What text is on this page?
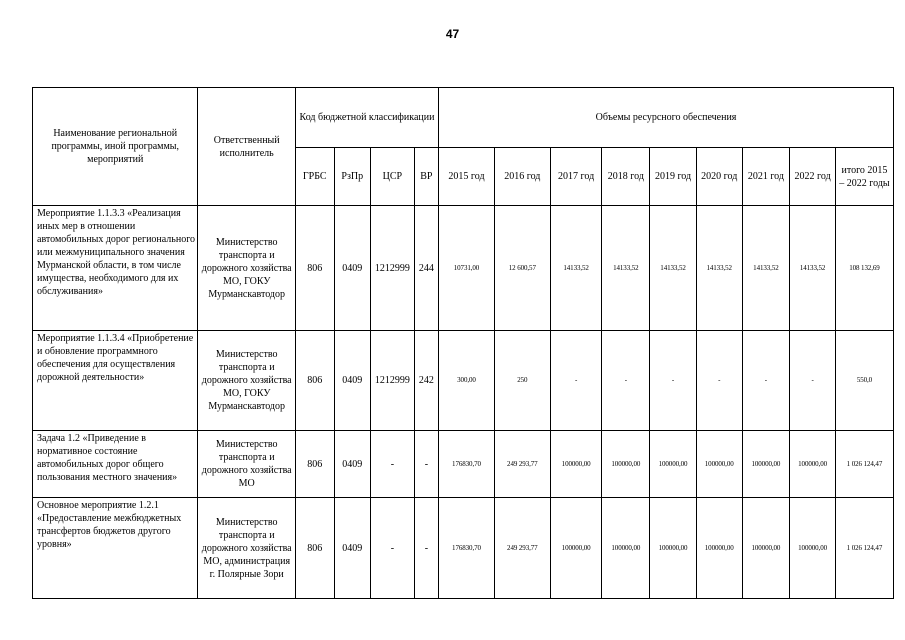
47
Наименование региональной программы, иной программы, мероприятий	Ответственный исполнитель	Код бюджетной классификации				Объемы ресурсного обеспечения								
		ГРБС	РзПр	ЦСР	ВР	2015 год	2016 год	2017 год	2018 год	2019 год	2020 год	2021 год	2022 год	итого 2015 – 2022 годы
Мероприятие 1.1.3.3 «Реализация иных мер в отношении автомобильных дорог регионального или межмуниципального значения Мурманской области, в том числе имущества, необходимого для их обслуживания»	Министерство транспорта и дорожного хозяйства МО, ГОКУ Мурманскавтодор	806	0409	1212999	244	10731,00	12 600,57	14133,52	14133,52	14133,52	14133,52	14133,52	14133,52	108 132,69
Мероприятие 1.1.3.4 «Приобретение и обновление программного обеспечения для осуществления дорожной деятельности»	Министерство транспорта и дорожного хозяйства МО, ГОКУ Мурманскавтодор	806	0409	1212999	242	300,00	250	-	-	-	-	-	-	550,0
Задача 1.2 «Приведение в нормативное состояние автомобильных дорог общего пользования местного значения»	Министерство транспорта и дорожного хозяйства МО	806	0409	-	-	176830,70	249 293,77	100000,00	100000,00	100000,00	100000,00	100000,00	100000,00	1 026 124,47
Основное мероприятие 1.2.1 «Предоставление межбюджетных трансфертов бюджетов другого уровня»	Министерство транспорта и дорожного хозяйства МО, администрация г. Полярные Зори	806	0409	-	-	176830,70	249 293,77	100000,00	100000,00	100000,00	100000,00	100000,00	100000,00	1 026 124,47
